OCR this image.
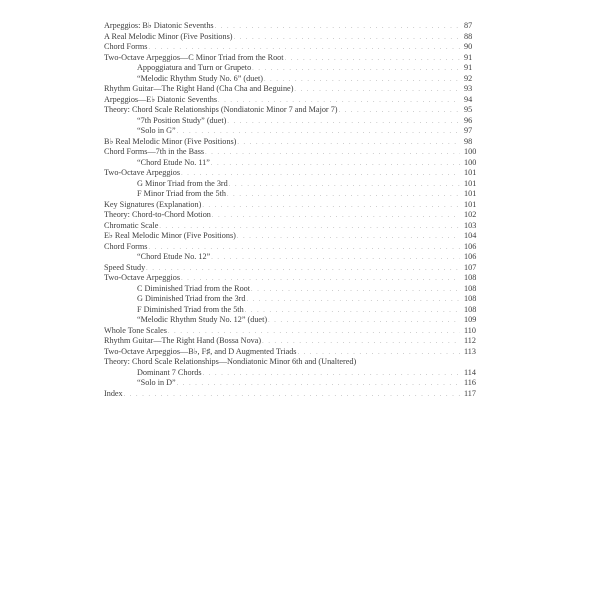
Arpeggios: B♭ Diatonic Sevenths . . .	87
A Real Melodic Minor (Five Positions) . . .	88
Chord Forms . . .	90
Two-Octave Arpeggios—C Minor Triad from the Root . . .	91
Appoggiatura and Turn or Grupeto . . .	91
“Melodic Rhythm Study No. 6” (duet) . . .	92
Rhythm Guitar—The Right Hand (Cha Cha and Beguine) . . .	93
Arpeggios—E♭ Diatonic Sevenths . . .	94
Theory: Chord Scale Relationships (Nondiatonic Minor 7 and Major 7) . . .	95
“7th Position Study” (duet) . . .	96
“Solo in G” . . .	97
B♭ Real Melodic Minor (Five Positions) . . .	98
Chord Forms—7th in the Bass . . .	100
“Chord Etude No. 11” . . .	100
Two-Octave Arpeggios . . .	101
G Minor Triad from the 3rd . . .	101
F Minor Triad from the 5th . . .	101
Key Signatures (Explanation) . . .	101
Theory: Chord-to-Chord Motion . . .	102
Chromatic Scale . . .	103
E♭ Real Melodic Minor (Five Positions) . . .	104
Chord Forms . . .	106
“Chord Etude No. 12” . . .	106
Speed Study . . .	107
Two-Octave Arpeggios . . .	108
C Diminished Triad from the Root . . .	108
G Diminished Triad from the 3rd . . .	108
F Diminished Triad from the 5th . . .	108
“Melodic Rhythm Study No. 12” (duet) . . .	109
Whole Tone Scales . . .	110
Rhythm Guitar—The Right Hand (Bossa Nova) . . .	112
Two-Octave Arpeggios—B♭, F♯, and D Augmented Triads . . .	113
Theory: Chord Scale Relationships—Nondiatonic Minor 6th and (Unaltered)
Dominant 7 Chords . . .	114
“Solo in D” . . .	116
Index . . .	117
